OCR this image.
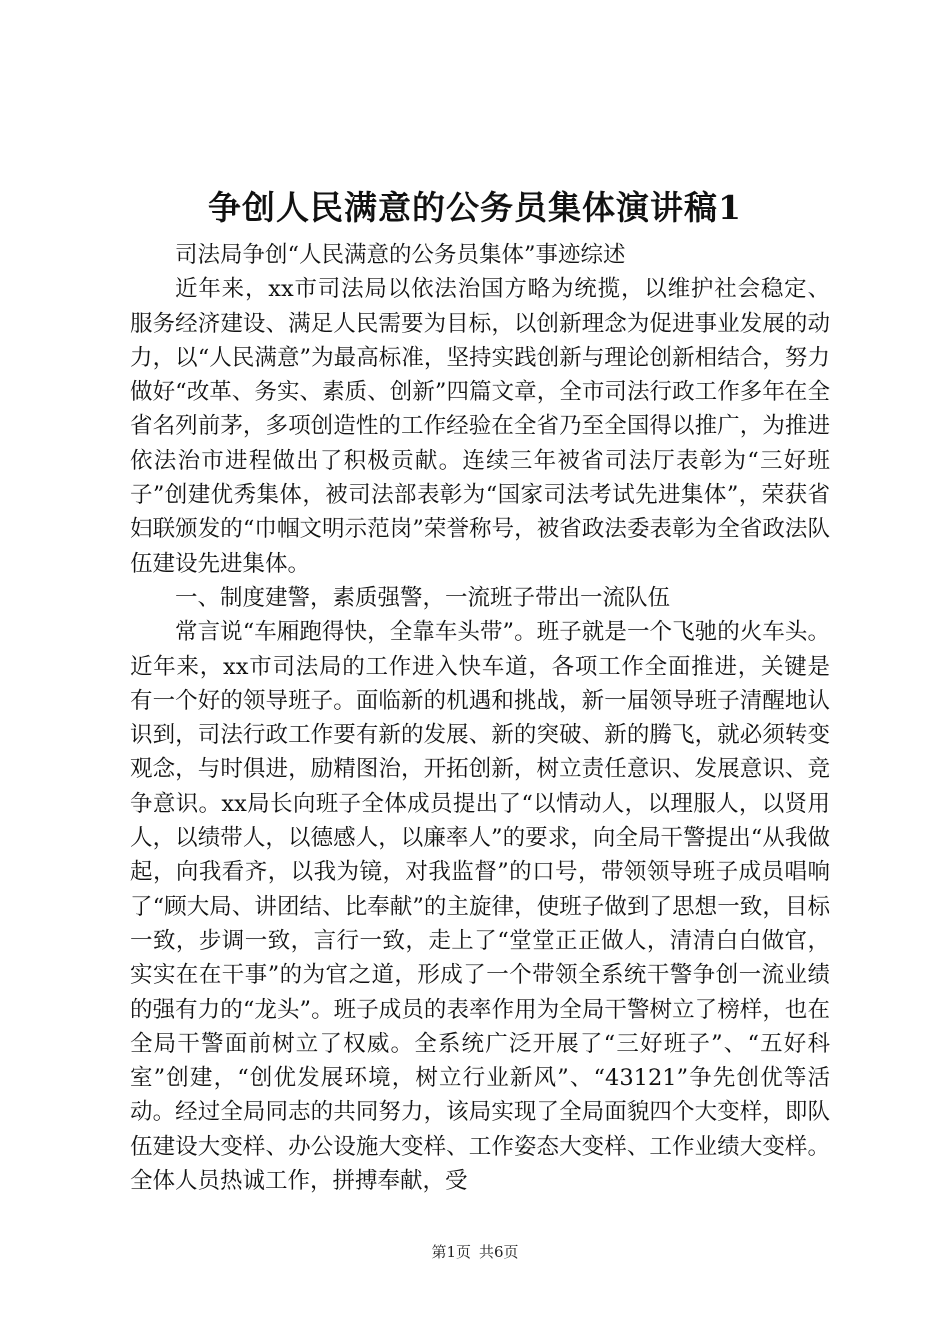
争创人民满意的公务员集体演讲稿1

司法局争创“人民满意的公务员集体”事迹综述

近年来，xx市司法局以依法治国方略为统揽，以维护社会稳定、服务经济建设、满足人民需要为目标，以创新理念为促进事业发展的动力，以“人民满意”为最高标准，坚持实践创新与理论创新相结合，努力做好“改革、务实、素质、创新”四篇文章，全市司法行政工作多年在全省名列前茅，多项创造性的工作经验在全省乃至全国得以推广，为推进依法治市进程做出了积极贡献。连续三年被省司法厅表彰为“三好班子”创建优秀集体，被司法部表彰为“国家司法考试先进集体”，荣获省妇联颁发的“巾帼文明示范岗”荣誉称号，被省政法委表彰为全省政法队伍建设先进集体。

一、制度建警，素质强警，一流班子带出一流队伍

常言说“车厢跑得快，全靠车头带”。班子就是一个飞驰的火车头。近年来，xx市司法局的工作进入快车道，各项工作全面推进，关键是有一个好的领导班子。面临新的机遇和挑战，新一届领导班子清醒地认识到，司法行政工作要有新的发展、新的突破、新的腾飞，就必须转变观念，与时俱进，励精图治，开拓创新，树立责任意识、发展意识、竞争意识。xx局长向班子全体成员提出了“以情动人，以理服人，以贤用人，以绩带人，以德感人，以廉率人”的要求，向全局干警提出“从我做起，向我看齐，以我为镜，对我监督”的口号，带领领导班子成员唱响了“顾大局、讲团结、比奉献”的主旋律，使班子做到了思想一致，目标一致，步调一致，言行一致，走上了“堂堂正正做人，清清白白做官，实实在在干事”的为官之道，形成了一个带领全系统干警争创一流业绩的强有力的“龙头”。班子成员的表率作用为全局干警树立了榜样，也在全局干警面前树立了权威。全系统广泛开展了“三好班子”、“五好科室”创建，“创优发展环境，树立行业新风”、“43121”争先创优等活动。经过全局同志的共同努力，该局实现了全局面貌四个大变样，即队伍建设大变样、办公设施大变样、工作姿态大变样、工作业绩大变样。全体人员热诚工作，拼搏奉献，受

第1页 共6页
